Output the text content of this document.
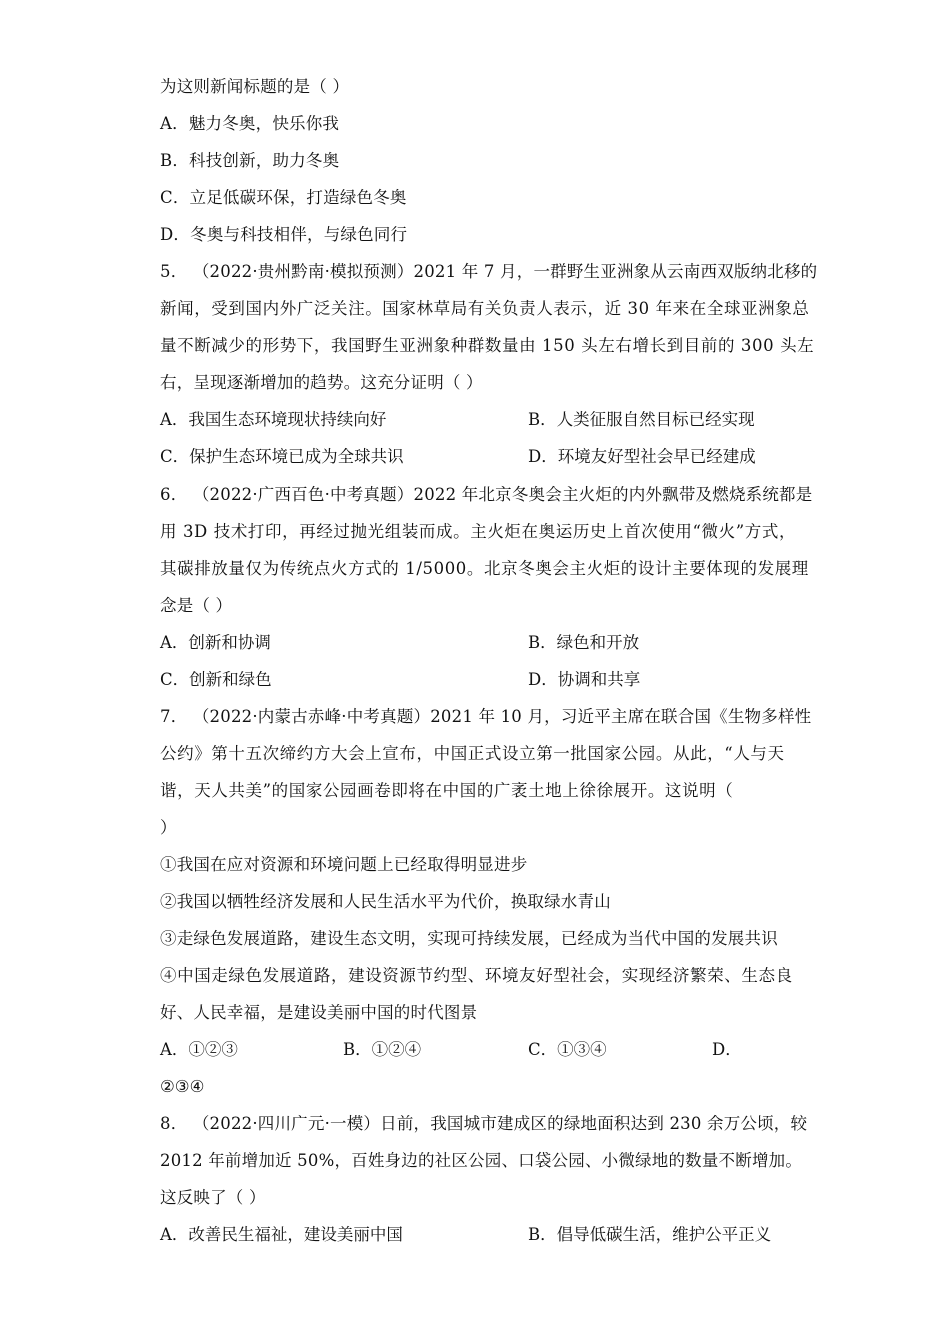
为这则新闻标题的是（ ）
A．魅力冬奥，快乐你我
B．科技创新，助力冬奥
C．立足低碳环保，打造绿色冬奥
D．冬奥与科技相伴，与绿色同行
5． （2022·贵州黔南·模拟预测）2021 年 7 月，一群野生亚洲象从云南西双版纳北移的
新闻，受到国内外广泛关注。国家林草局有关负责人表示，近 30 年来在全球亚洲象总
量不断减少的形势下，我国野生亚洲象种群数量由 150 头左右增长到目前的 300 头左
右，呈现逐渐增加的趋势。这充分证明（ ）
A．我国生态环境现状持续向好	B．人类征服自然目标已经实现
C．保护生态环境已成为全球共识	D．环境友好型社会早已经建成
6． （2022·广西百色·中考真题）2022 年北京冬奥会主火炬的内外飘带及燃烧系统都是
用 3D 技术打印，再经过抛光组装而成。主火炬在奥运历史上首次使用“微火”方式，
其碳排放量仅为传统点火方式的 1/5000。北京冬奥会主火炬的设计主要体现的发展理
念是（ ）
A．创新和协调	B．绿色和开放
C．创新和绿色	D．协调和共享
7． （2022·内蒙古赤峰·中考真题）2021 年 10 月，习近平主席在联合国《生物多样性
公约》第十五次缔约方大会上宣布，中国正式设立第一批国家公园。从此，“人与天
谐，天人共美”的国家公园画卷即将在中国的广袤土地上徐徐展开。这说明（
）
①我国在应对资源和环境问题上已经取得明显进步
②我国以牺牲经济发展和人民生活水平为代价，换取绿水青山
③走绿色发展道路，建设生态文明，实现可持续发展，已经成为当代中国的发展共识
④中国走绿色发展道路，建设资源节约型、环境友好型社会，实现经济繁荣、生态良
好、人民幸福，是建设美丽中国的时代图景
A．①②③	B．①②④	C．①③④	D．
②③④
8． （2022·四川广元·一模）日前，我国城市建成区的绿地面积达到 230 余万公顷，较
2012 年前增加近 50%，百姓身边的社区公园、口袋公园、小微绿地的数量不断增加。
这反映了（ ）
A．改善民生福祉，建设美丽中国	B．倡导低碳生活，维护公平正义
